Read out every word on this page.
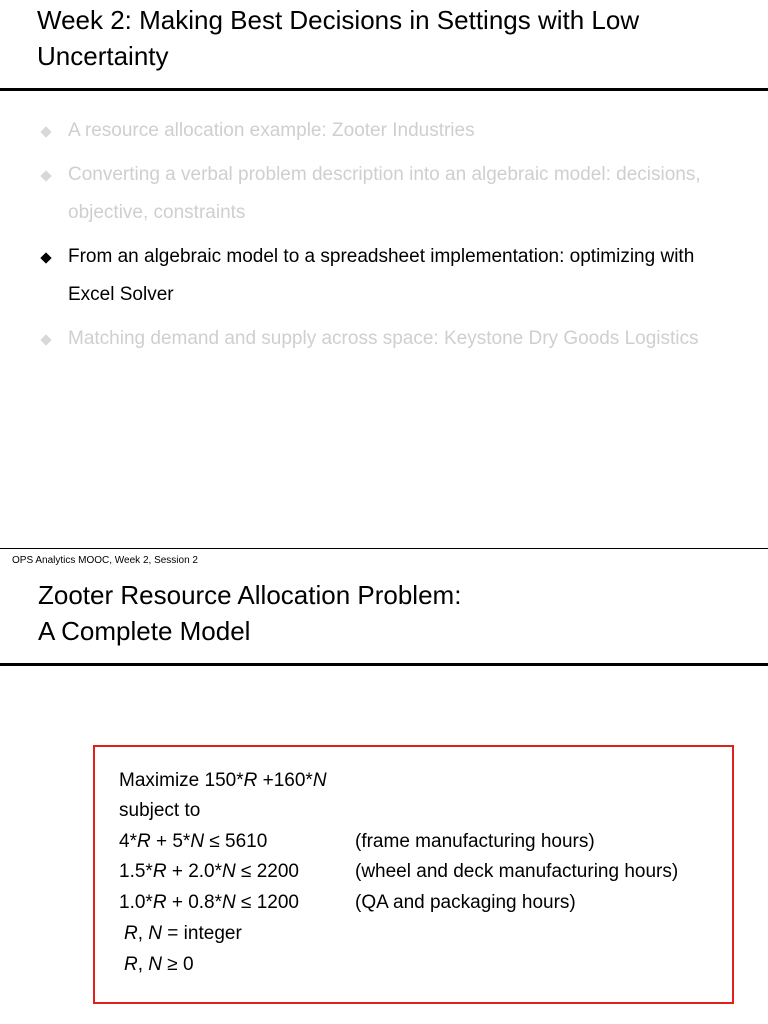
Week 2: Making Best Decisions in Settings with Low Uncertainty
A resource allocation example: Zooter Industries
Converting a verbal problem description into an algebraic model: decisions, objective, constraints
From an algebraic model to a spreadsheet implementation: optimizing with Excel Solver
Matching demand and supply across space: Keystone Dry Goods Logistics
OPS Analytics MOOC, Week 2, Session 2
Zooter Resource Allocation Problem:
A Complete Model
Maximize 150*R +160*N
subject to
4*R + 5*N ≤ 5610	(frame manufacturing hours)
1.5*R + 2.0*N ≤ 2200	(wheel and deck manufacturing hours)
1.0*R + 0.8*N ≤ 1200	(QA and packaging hours)
R, N = integer
R, N ≥ 0
